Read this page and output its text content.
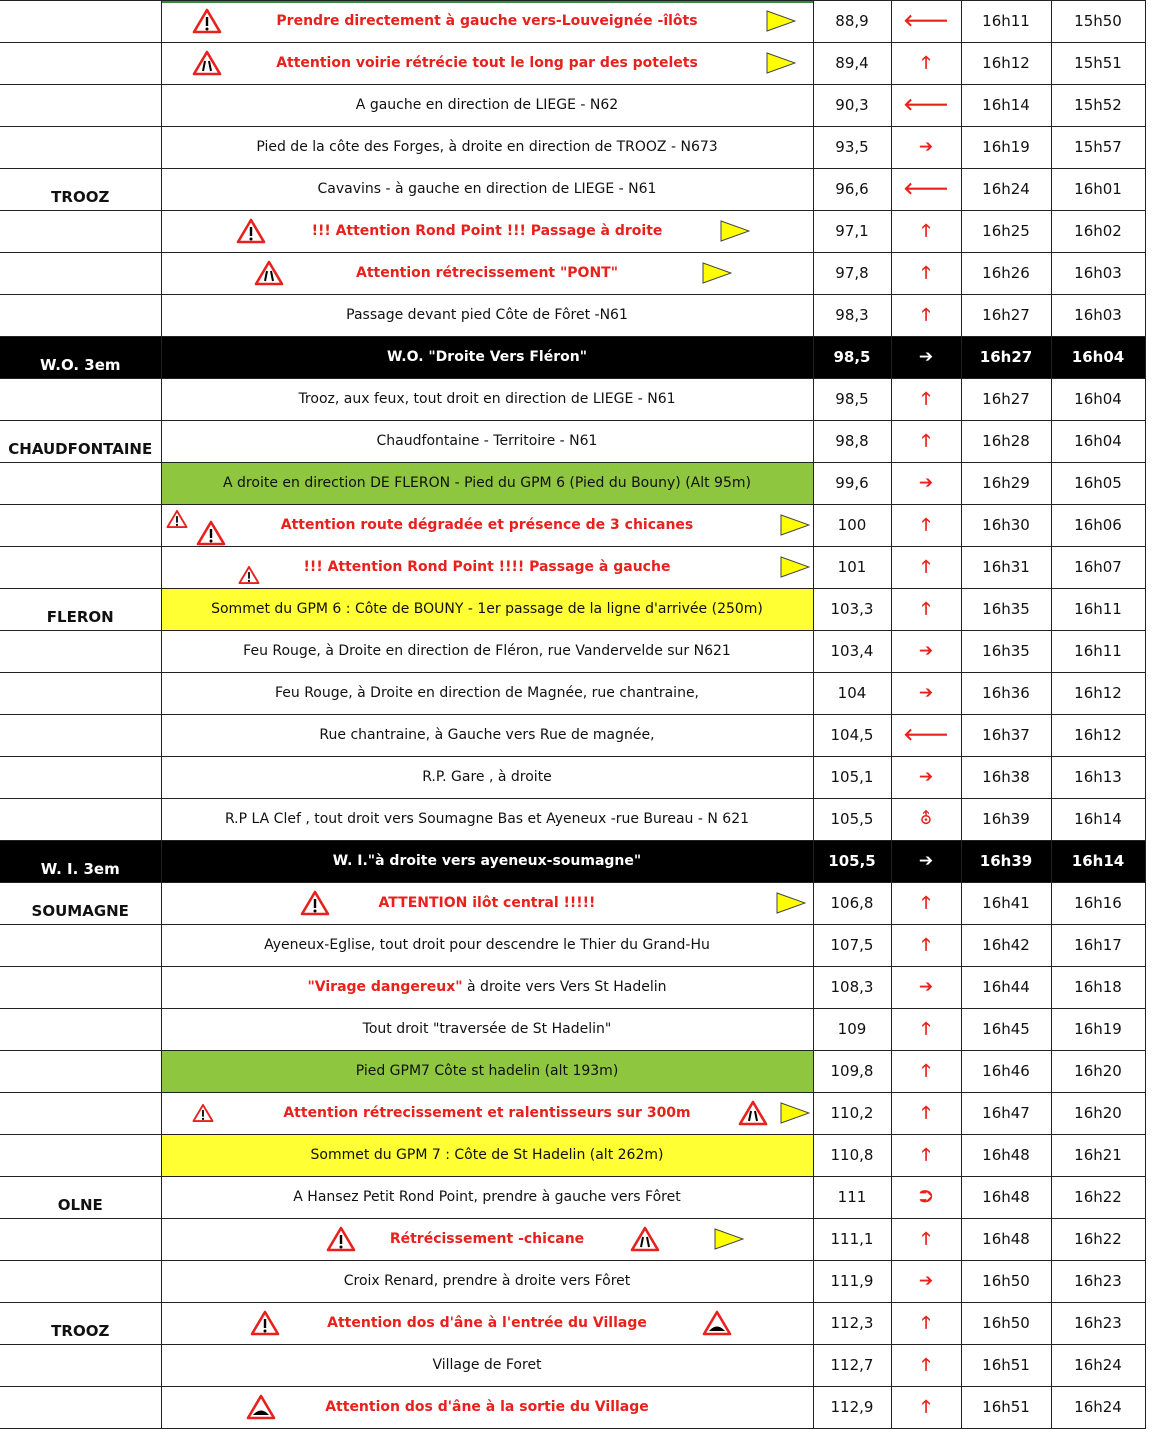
	Prendre directement à gauche vers-Louveignée -îlôts	88,9	🡐	16h11	15h50
	Attention voirie rétrécie tout le long par des potelets	89,4	🡑	16h12	15h51
	A gauche en direction de LIEGE - N62	90,3	🡐	16h14	15h52
	Pied de la côte des Forges, à droite en direction de TROOZ - N673	93,5	➔	16h19	15h57
TROOZ	Cavavins - à gauche en direction de LIEGE - N61	96,6	🡐	16h24	16h01
	!!! Attention Rond Point !!! Passage à droite	97,1	🡑	16h25	16h02
	Attention rétrecissement "PONT"	97,8	🡑	16h26	16h03
	Passage devant pied Côte de Fôret -N61	98,3	🡑	16h27	16h03
W.O. 3em	W.O. "Droite Vers Fléron"	98,5	➔	16h27	16h04
	Trooz, aux feux, tout droit en direction de LIEGE - N61	98,5	🡑	16h27	16h04
CHAUDFONTAINE	Chaudfontaine - Territoire - N61	98,8	🡑	16h28	16h04
	A droite en direction DE FLERON - Pied du GPM 6 (Pied du Bouny) (Alt 95m)	99,6	➔	16h29	16h05
	Attention route dégradée et présence de 3 chicanes	100	🡑	16h30	16h06
	!!! Attention Rond Point !!!! Passage à gauche	101	🡑	16h31	16h07
FLERON	Sommet du GPM 6 : Côte de BOUNY - 1er passage de la ligne d'arrivée (250m)	103,3	🡑	16h35	16h11
	Feu Rouge, à Droite en direction de Fléron, rue Vandervelde sur N621	103,4	➔	16h35	16h11
	Feu Rouge, à Droite en direction de Magnée, rue chantraine,	104	➔	16h36	16h12
	Rue chantraine, à Gauche vers Rue de magnée,	104,5	🡐	16h37	16h12
	R.P. Gare , à droite	105,1	➔	16h38	16h13
	R.P LA Clef , tout droit vers Soumagne Bas et Ayeneux -rue Bureau - N 621	105,5	⛢	16h39	16h14
W. I. 3em	W. I."à droite vers ayeneux-soumagne"	105,5	➔	16h39	16h14
SOUMAGNE	ATTENTION ilôt central !!!!!	106,8	🡑	16h41	16h16
	Ayeneux-Eglise, tout droit pour descendre le Thier du Grand-Hu	107,5	🡑	16h42	16h17
	"Virage dangereux" à droite vers Vers St Hadelin	108,3	➔	16h44	16h18
	Tout droit "traversée de St Hadelin"	109	🡑	16h45	16h19
	Pied GPM7 Côte st hadelin (alt 193m)	109,8	🡑	16h46	16h20
	Attention rétrecissement et ralentisseurs sur 300m	110,2	🡑	16h47	16h20
	Sommet du GPM 7 : Côte de St Hadelin (alt 262m)	110,8	🡑	16h48	16h21
OLNE	A Hansez Petit Rond Point, prendre à gauche vers Fôret	111	⮊	16h48	16h22
	Rétrécissement -chicane	111,1	🡑	16h48	16h22
	Croix Renard, prendre à droite vers Fôret	111,9	➔	16h50	16h23
TROOZ	Attention dos d'âne à l'entrée du Village	112,3	🡑	16h50	16h23
	Village de Foret	112,7	🡑	16h51	16h24
	Attention dos d'âne à la sortie du Village	112,9	🡑	16h51	16h24
